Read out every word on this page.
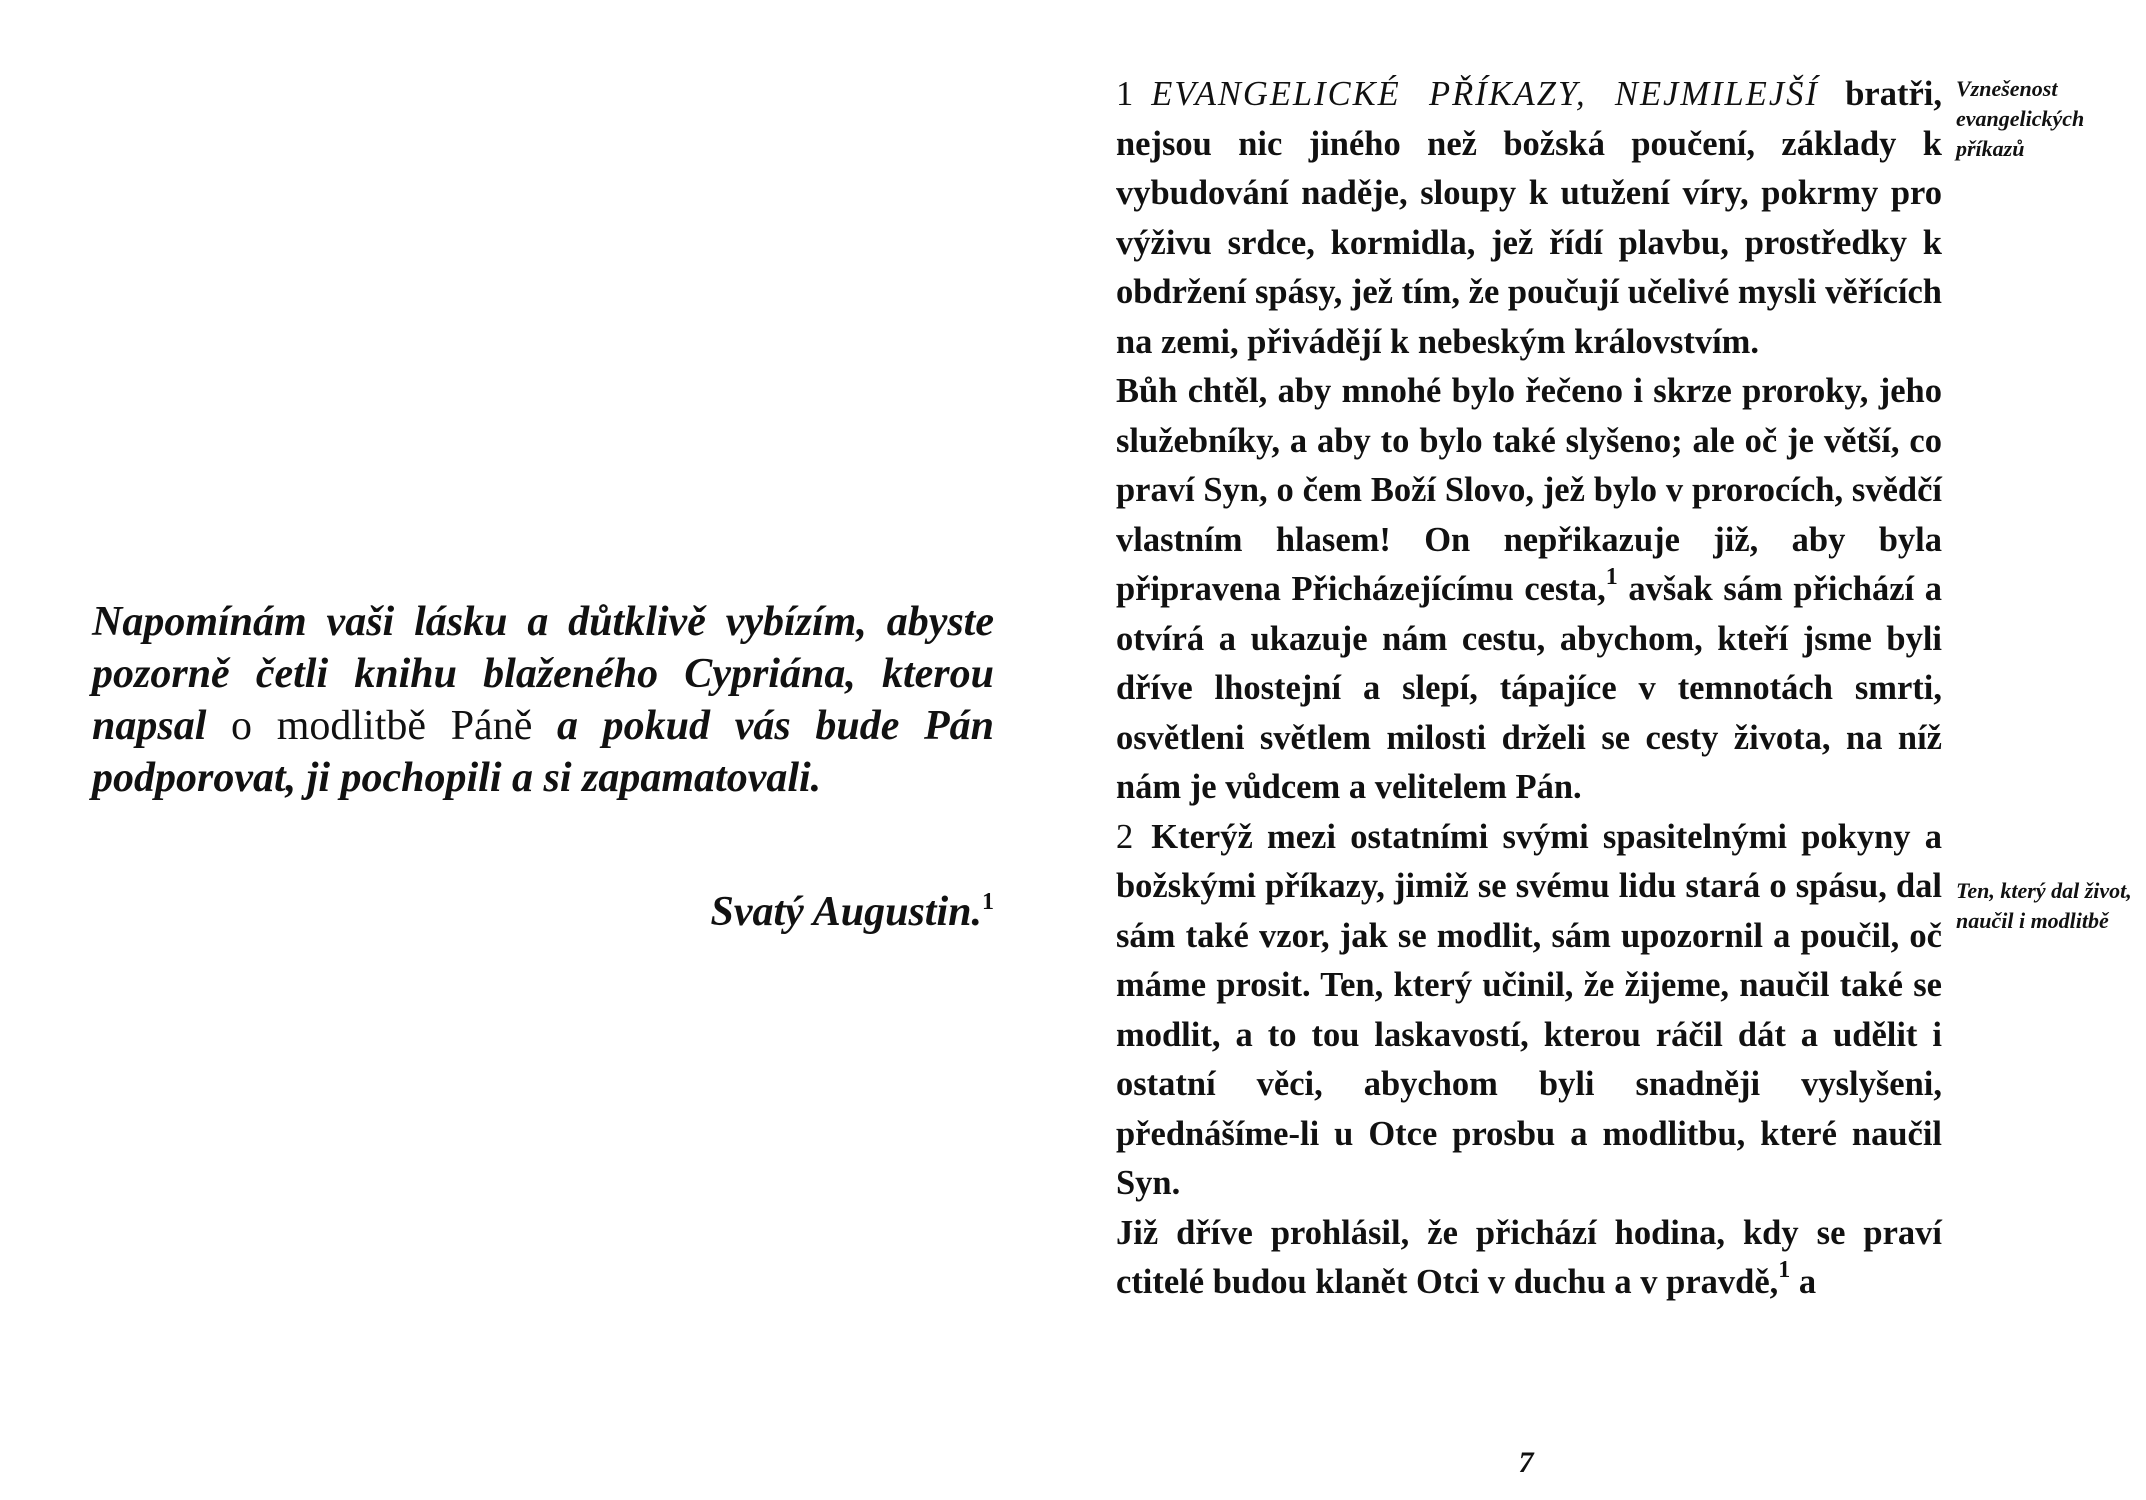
Napomínám vaši lásku a důtklivě vybízím, abyste pozorně četli knihu blaženého Cypriána, kterou napsal o modlitbě Páně a pokud vás bude Pán podporovat, ji pochopili a si zapamatovali.
Svatý Augustin.$^1$

1 EVANGELICKÉ PŘÍKAZY, NEJMILEJŠÍ bratři, nejsou nic jiného než božská poučení, základy k vybudování naděje, sloupy k utužení víry, pokrmy pro výživu srdce, kormidla, jež řídí plavbu, prostředky k obdržení spásy, jež tím, že poučují učelivé mysli věřících na zemi, přivádějí k nebeským královstvím.

Bůh chtěl, aby mnohé bylo řečeno i skrze proroky, jeho služebníky, a aby to bylo také slyšeno; ale oč je větší, co praví Syn, o čem Boží Slovo, jež bylo v prorocích, svědčí vlastním hlasem! On nepřikazuje již, aby byla připravena Přicházejícímu cesta,$^1$ avšak sám přichází a otvírá a ukazuje nám cestu, abychom, kteří jsme byli dříve lhostejní a slepí, tápajíce v temnotách smrti, osvětleni světlem milosti drželi se cesty života, na níž nám je vůdcem a velitelem Pán.

2 Kterýž mezi ostatními svými spasitelnými pokyny a božskými příkazy, jimiž se svému lidu stará o spásu, dal sám také vzor, jak se modlit, sám upozornil a poučil, oč máme prosit. Ten, který učinil, že žijeme, naučil také se modlit, a to tou laskavostí, kterou ráčil dát a udělit i ostatní věci, abychom byli snadněji vyslyšeni, přednášíme-li u Otce prosbu a modlitbu, které naučil Syn.

Již dříve prohlásil, že přichází hodina, kdy se praví ctitelé budou klanět Otci v duchu a v pravdě,$^1$ a

Vznešenost evangelických příkazů
Ten, který dal život, naučil i modlitbě
7
